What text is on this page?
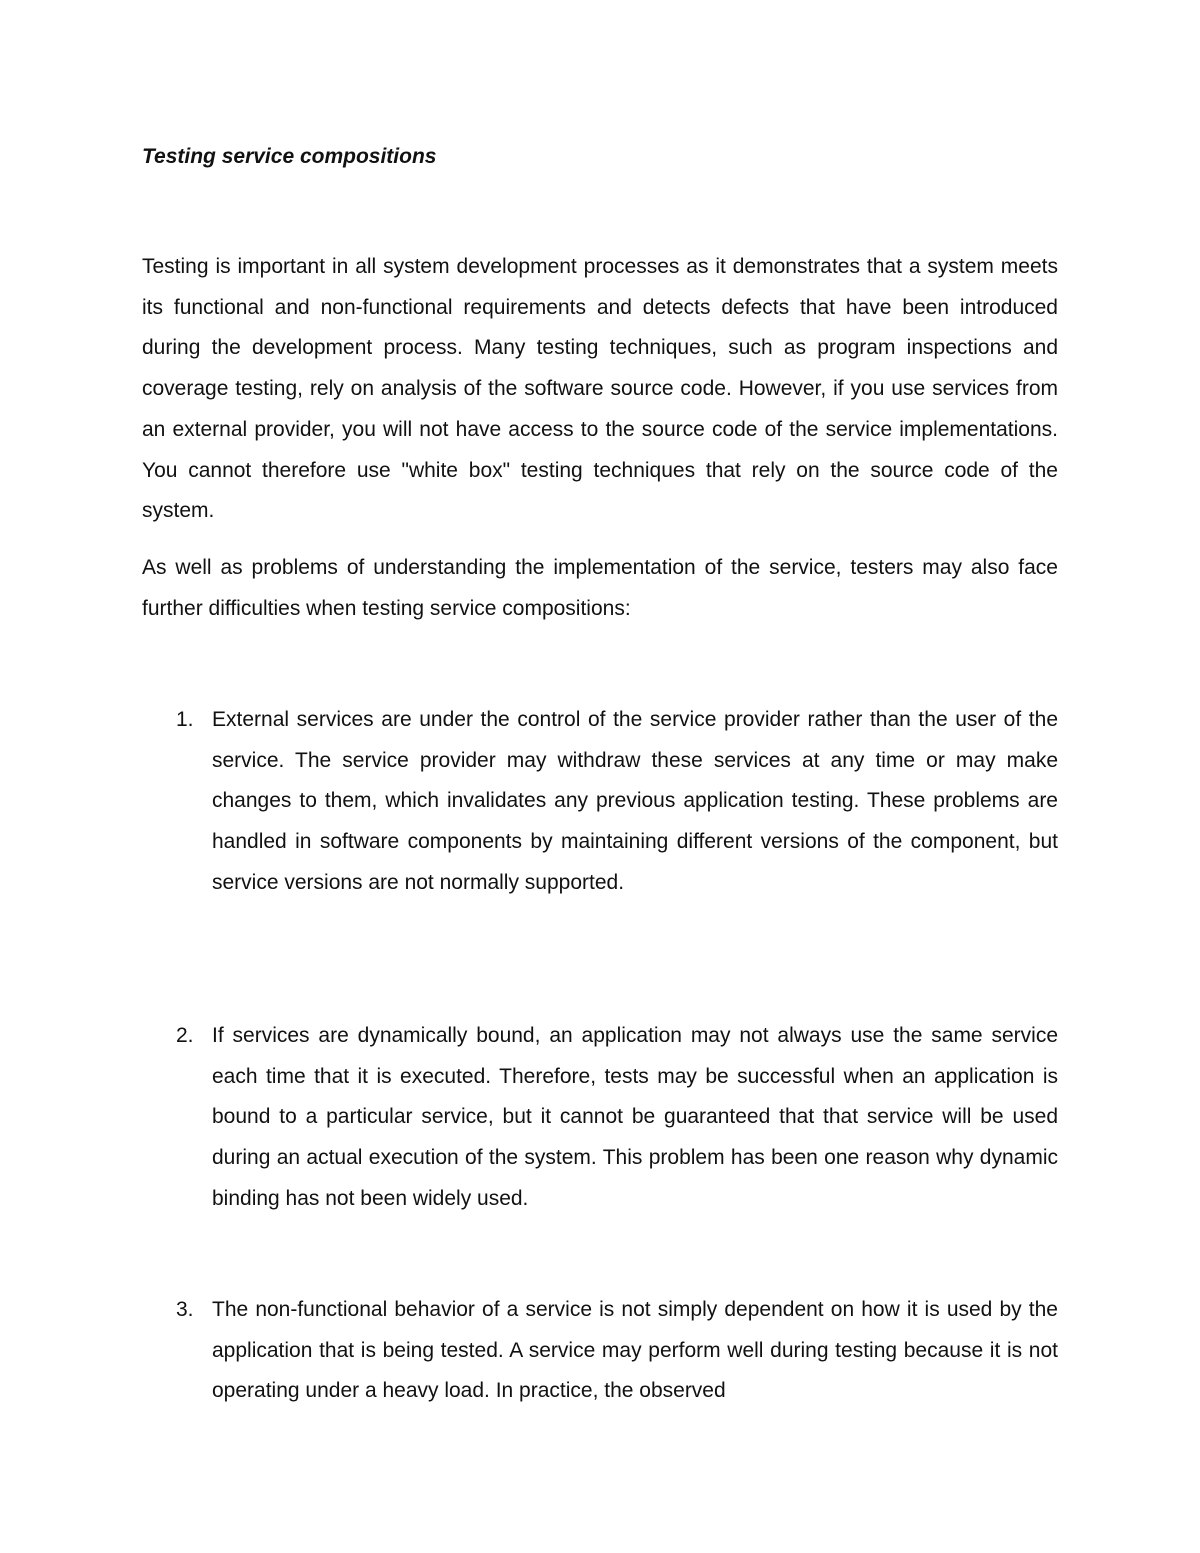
Testing service compositions

Testing is important in all system development processes as it demonstrates that a system meets its functional and non-functional requirements and detects defects that have been introduced during the development process. Many testing techniques, such as program inspections and coverage testing, rely on analysis of the software source code. However, if you use services from an external provider, you will not have access to the source code of the service implementations. You cannot therefore use "white box" testing techniques that rely on the source code of the system.

As well as problems of understanding the implementation of the service, testers may also face further difficulties when testing service compositions:

1. External services are under the control of the service provider rather than the user of the service. The service provider may withdraw these services at any time or may make changes to them, which invalidates any previous application testing. These problems are handled in software components by maintaining different versions of the component, but service versions are not normally supported.

2. If services are dynamically bound, an application may not always use the same service each time that it is executed. Therefore, tests may be successful when an application is bound to a particular service, but it cannot be guaranteed that that service will be used during an actual execution of the system. This problem has been one reason why dynamic binding has not been widely used.

3. The non-functional behavior of a service is not simply dependent on how it is used by the application that is being tested. A service may perform well during testing because it is not operating under a heavy load. In practice, the observed
